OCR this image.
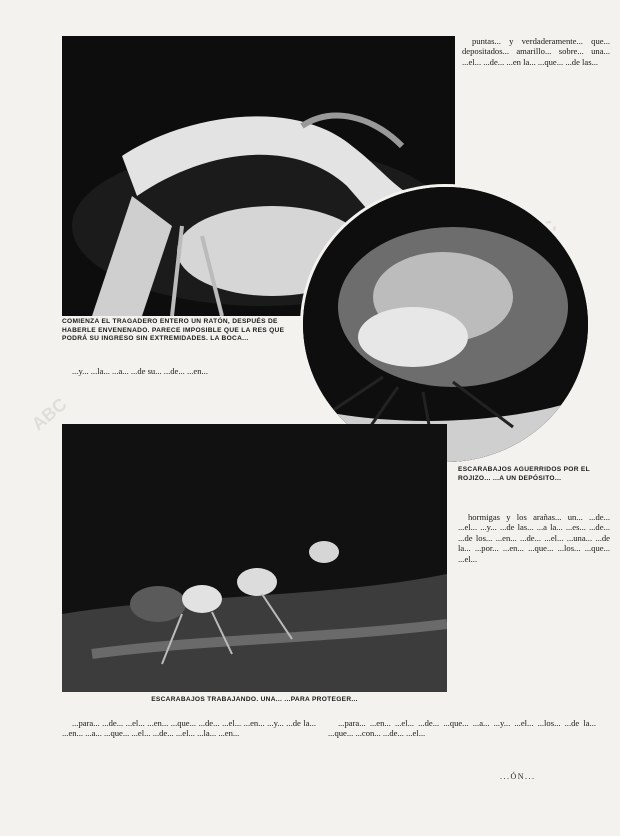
ABC
COMIENZA EL TRAGADERO ENTERO UN RATÓN, DESPUÉS DE HABERLE ENVENENADO. PARECE IMPOSIBLE QUE LA RES QUE PODRÁ SU INGRESO SIN EXTREMIDADES. LA BOCA...

puntas... y verdaderamente... que... depositados... amarillo... sobre... una... ...el... ...de... ...en la... ...que... ...de las...

...y... ...la... ...a... ...de su... ...de... ...en...

ESCARABAJOS TRABAJANDO. UNA... ...PARA PROTEGER...
ESCARABAJOS AGUERRIDOS POR EL ROJIZO... ...A UN DEPÓSITO...

hormigas y los arañas... un... ...de... ...el... ...y... ...de las... ...a la... ...es... ...de... ...de los... ...en... ...de... ...el... ...una... ...de la... ...por... ...en... ...que... ...los... ...que... ...el...

...para... ...de... ...el... ...en... ...que... ...de... ...el... ...en... ...y... ...de la... ...en... ...a... ...que... ...el... ...de... ...el... ...la... ...en...

...para... ...en... ...el... ...de... ...que... ...a... ...y... ...el... ...los... ...de la... ...que... ...con... ...de... ...el...

...ÓN...
